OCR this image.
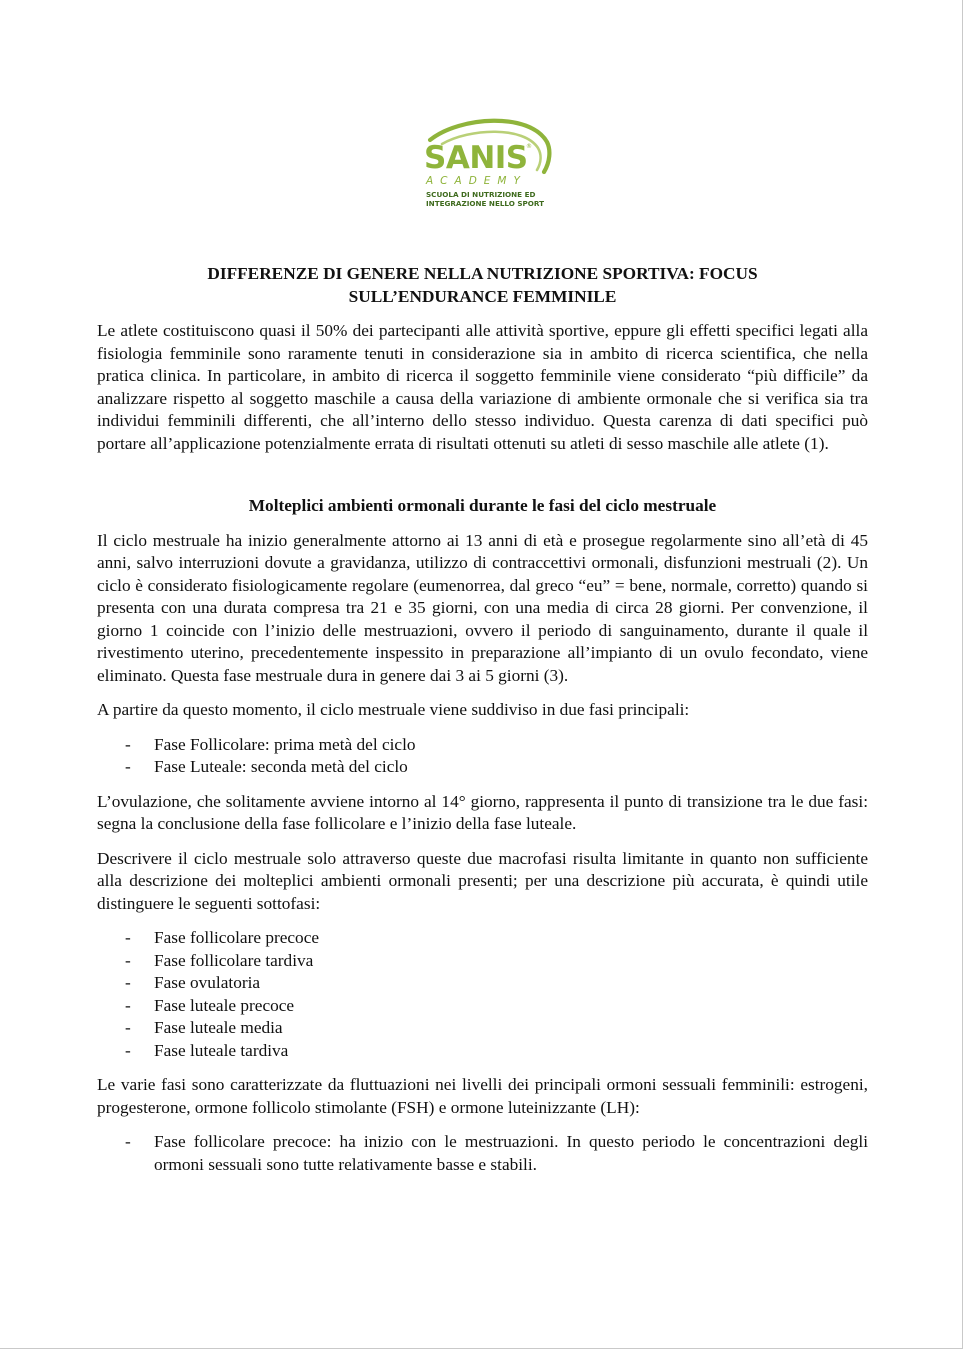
SANIS
®
ACADEMY
SCUOLA DI NUTRIZIONE ED
INTEGRAZIONE NELLO SPORT
DIFFERENZE DI GENERE NELLA NUTRIZIONE SPORTIVA: FOCUS
SULL’ENDURANCE FEMMINILE

Le atlete costituiscono quasi il 50% dei partecipanti alle attività sportive, eppure gli effetti specifici legati alla fisiologia femminile sono raramente tenuti in considerazione sia in ambito di ricerca scientifica, che nella pratica clinica. In particolare, in ambito di ricerca il soggetto femminile viene considerato “più difficile” da analizzare rispetto al soggetto maschile a causa della variazione di ambiente ormonale che si verifica sia tra individui femminili differenti, che all’interno dello stesso individuo. Questa carenza di dati specifici può portare all’applicazione potenzialmente errata di risultati ottenuti su atleti di sesso maschile alle atlete (1).

Molteplici ambienti ormonali durante le fasi del ciclo mestruale

Il ciclo mestruale ha inizio generalmente attorno ai 13 anni di età e prosegue regolarmente sino all’età di 45 anni, salvo interruzioni dovute a gravidanza, utilizzo di contraccettivi ormonali, disfunzioni mestruali (2). Un ciclo è considerato fisiologicamente regolare (eumenorrea, dal greco “eu” = bene, normale, corretto) quando si presenta con una durata compresa tra 21 e 35 giorni, con una media di circa 28 giorni. Per convenzione, il giorno 1 coincide con l’inizio delle mestruazioni, ovvero il periodo di sanguinamento, durante il quale il rivestimento uterino, precedentemente inspessito in preparazione all’impianto di un ovulo fecondato, viene eliminato. Questa fase mestruale dura in genere dai 3 ai 5 giorni (3).

A partire da questo momento, il ciclo mestruale viene suddiviso in due fasi principali:

- Fase Follicolare: prima metà del ciclo
- Fase Luteale: seconda metà del ciclo

L’ovulazione, che solitamente avviene intorno al 14° giorno, rappresenta il punto di transizione tra le due fasi: segna la conclusione della fase follicolare e l’inizio della fase luteale.

Descrivere il ciclo mestruale solo attraverso queste due macrofasi risulta limitante in quanto non sufficiente alla descrizione dei molteplici ambienti ormonali presenti; per una descrizione più accurata, è quindi utile distinguere le seguenti sottofasi:

- Fase follicolare precoce
- Fase follicolare tardiva
- Fase ovulatoria
- Fase luteale precoce
- Fase luteale media
- Fase luteale tardiva

Le varie fasi sono caratterizzate da fluttuazioni nei livelli dei principali ormoni sessuali femminili: estrogeni, progesterone, ormone follicolo stimolante (FSH) e ormone luteinizzante (LH):

- Fase follicolare precoce: ha inizio con le mestruazioni. In questo periodo le concentrazioni degli ormoni sessuali sono tutte relativamente basse e stabili.
